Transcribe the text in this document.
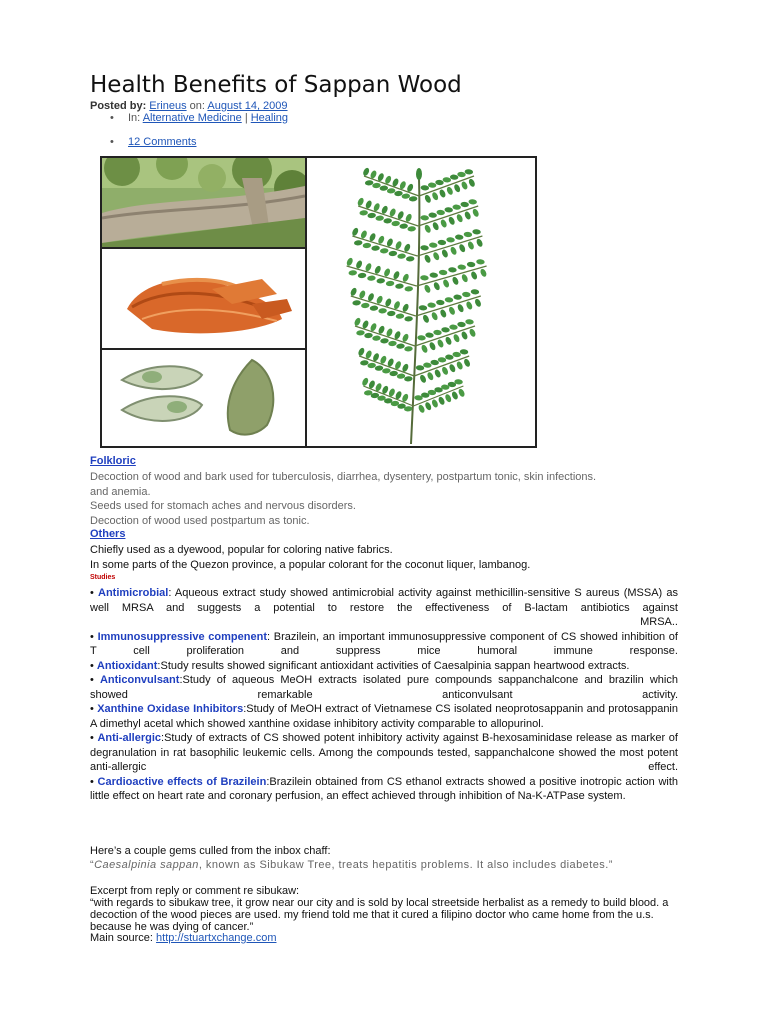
Health Benefits of Sappan Wood
Posted by: Erineus on: August 14, 2009
• In: Alternative Medicine | Healing
• 12 Comments
Folkloric
Decoction of wood and bark used for tuberculosis, diarrhea, dysentery, postpartum tonic, skin infections.
and anemia.
Seeds used for stomach aches and nervous disorders.
Decoction of wood used postpartum as tonic.
Others
Chiefly used as a dyewood, popular for coloring native fabrics.
In some parts of the Quezon province, a popular colorant for the coconut liquer, lambanog.
Studies
• Antimicrobial: Aqueous extract study showed antimicrobial activity against methicillin-sensitive S aureus (MSSA) as well MRSA and suggests a potential to restore the effectiveness of B-lactam antibiotics against
MRSA..
• Immunosuppressive compenent: Brazilein, an important immunosuppressive component of CS showed inhibition of T cell proliferation and suppress mice humoral immune	response.
• Antioxidant:Study results showed significant antioxidant activities of Caesalpinia sappan heartwood extracts.
• Anticonvulsant:Study of aqueous MeOH extracts isolated pure compounds sappanchalcone and brazilin which showed remarkable anticonvulsant	activity.
• Xanthine Oxidase Inhibitors:Study of MeOH extract of Vietnamese CS isolated neoprotosappanin and protosappanin A dimethyl acetal which showed xanthine oxidase inhibitory activity comparable to allopurinol.
• Anti-allergic:Study of extracts of CS showed potent inhibitory activity against B-hexosaminidase release as marker of degranulation in rat basophilic leukemic cells. Among the compounds tested, sappanchalcone showed the most potent anti-allergic	effect.
• Cardioactive effects of Brazilein:Brazilein obtained from CS ethanol extracts showed a positive inotropic action with little effect on heart rate and coronary perfusion, an effect achieved through inhibition of Na-K-ATPase system.
Here’s a couple gems culled from the inbox chaff:
“Caesalpinia sappan, known as Sibukaw Tree, treats hepatitis problems. It also includes diabetes.”
Excerpt from reply or comment re sibukaw:
“with regards to sibukaw tree, it grow near our city and is sold by local streetside herbalist as a remedy to build blood. a decoction of the wood pieces are used. my friend told me that it cured a filipino doctor who came home from the u.s. because he was dying of cancer.”
Main source: http://stuartxchange.com
